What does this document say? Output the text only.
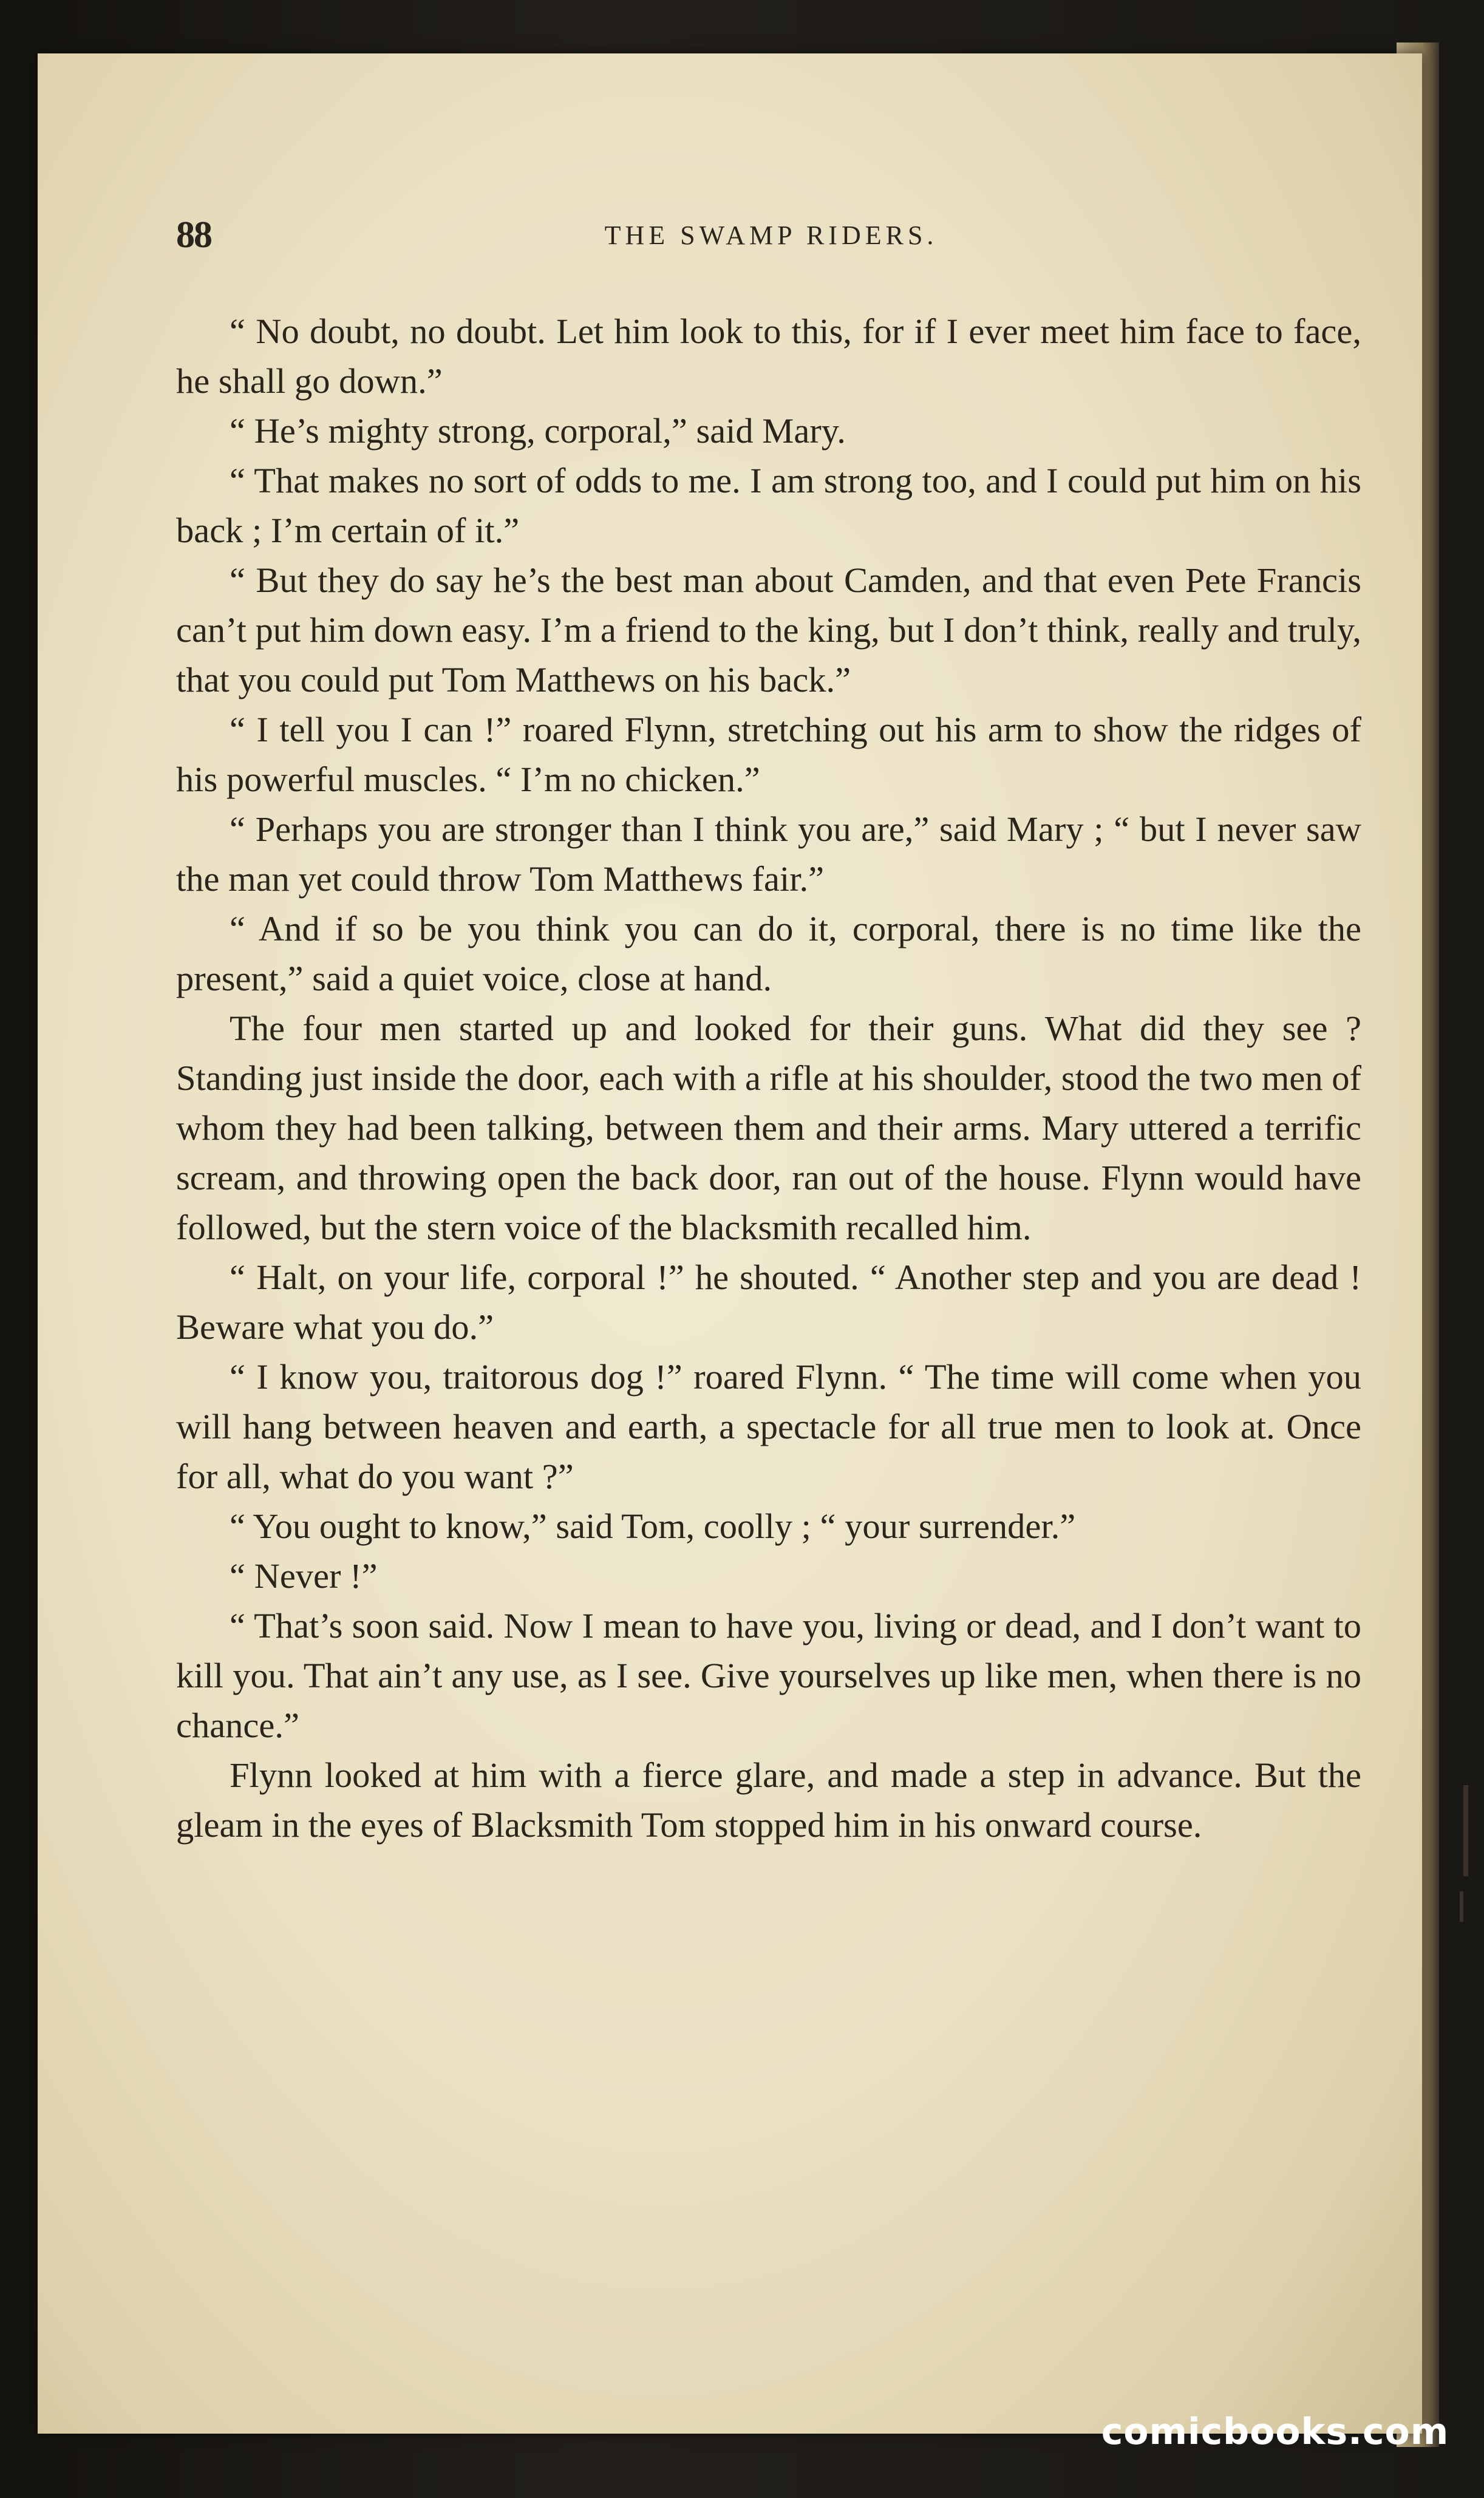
88	THE SWAMP RIDERS.

“ No doubt, no doubt. Let him look to this, for if I ever meet him face to face, he shall go down.”

“ He’s mighty strong, corporal,” said Mary.

“ That makes no sort of odds to me. I am strong too, and I could put him on his back ; I’m certain of it.”

“ But they do say he’s the best man about Camden, and that even Pete Francis can’t put him down easy. I’m a friend to the king, but I don’t think, really and truly, that you could put Tom Matthews on his back.”

“ I tell you I can !” roared Flynn, stretching out his arm to show the ridges of his powerful muscles. “ I’m no chicken.”

“ Perhaps you are stronger than I think you are,” said Mary ; “ but I never saw the man yet could throw Tom Matthews fair.”

“ And if so be you think you can do it, corporal, there is no time like the present,” said a quiet voice, close at hand.

The four men started up and looked for their guns. What did they see ? Standing just inside the door, each with a rifle at his shoulder, stood the two men of whom they had been talking, between them and their arms. Mary uttered a terrific scream, and throwing open the back door, ran out of the house. Flynn would have followed, but the stern voice of the blacksmith recalled him.

“ Halt, on your life, corporal !” he shouted. “ Another step and you are dead ! Beware what you do.”

“ I know you, traitorous dog !” roared Flynn. “ The time will come when you will hang between heaven and earth, a spectacle for all true men to look at. Once for all, what do you want ?”

“ You ought to know,” said Tom, coolly ; “ your surrender.”

“ Never !”

“ That’s soon said. Now I mean to have you, living or dead, and I don’t want to kill you. That ain’t any use, as I see. Give yourselves up like men, when there is no chance.”

Flynn looked at him with a fierce glare, and made a step in advance. But the gleam in the eyes of Blacksmith Tom stopped him in his onward course.

comicbooks.com
